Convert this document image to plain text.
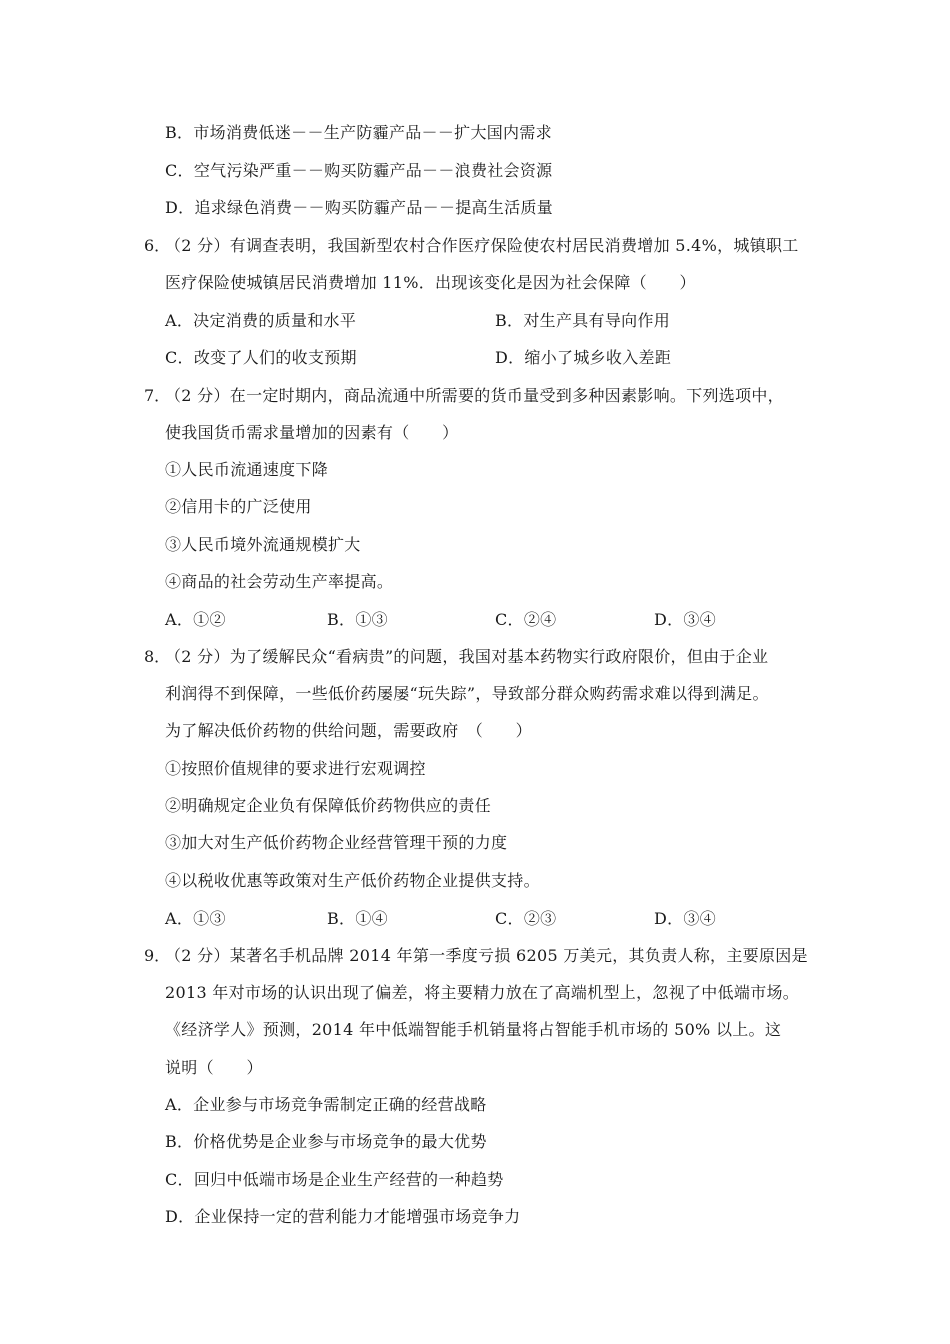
B．市场消费低迷－－生产防霾产品－－扩大国内需求
C．空气污染严重－－购买防霾产品－－浪费社会资源
D．追求绿色消费－－购买防霾产品－－提高生活质量
6．
（2 分）有调查表明，我国新型农村合作医疗保险使农村居民消费增加 5.4%，城镇职工
医疗保险使城镇居民消费增加 11%．出现该变化是因为社会保障（　　）
A．决定消费的质量和水平	B．对生产具有导向作用
C．改变了人们的收支预期	D．缩小了城乡收入差距
7．
（2 分）在一定时期内，商品流通中所需要的货币量受到多种因素影响。下列选项中，
使我国货币需求量增加的因素有（　　）
①人民币流通速度下降
②信用卡的广泛使用
③人民币境外流通规模扩大
④商品的社会劳动生产率提高。
A．①②	B．①③	C．②④	D．③④
8．
（2 分）为了缓解民众“看病贵”的问题，我国对基本药物实行政府限价，但由于企业
利润得不到保障，一些低价药屡屡“玩失踪”，导致部分群众购药需求难以得到满足。
为了解决低价药物的供给问题，需要政府　（　　）
①按照价值规律的要求进行宏观调控
②明确规定企业负有保障低价药物供应的责任
③加大对生产低价药物企业经营管理干预的力度
④以税收优惠等政策对生产低价药物企业提供支持。
A．①③	B．①④	C．②③	D．③④
9．
（2 分）某著名手机品牌 2014 年第一季度亏损 6205 万美元，其负责人称，主要原因是
2013 年对市场的认识出现了偏差，将主要精力放在了高端机型上，忽视了中低端市场。
《经济学人》预测，2014 年中低端智能手机销量将占智能手机市场的 50% 以上。这
说明（　　）
A．企业参与市场竞争需制定正确的经营战略
B．价格优势是企业参与市场竞争的最大优势
C．回归中低端市场是企业生产经营的一种趋势
D．企业保持一定的营利能力才能增强市场竞争力
